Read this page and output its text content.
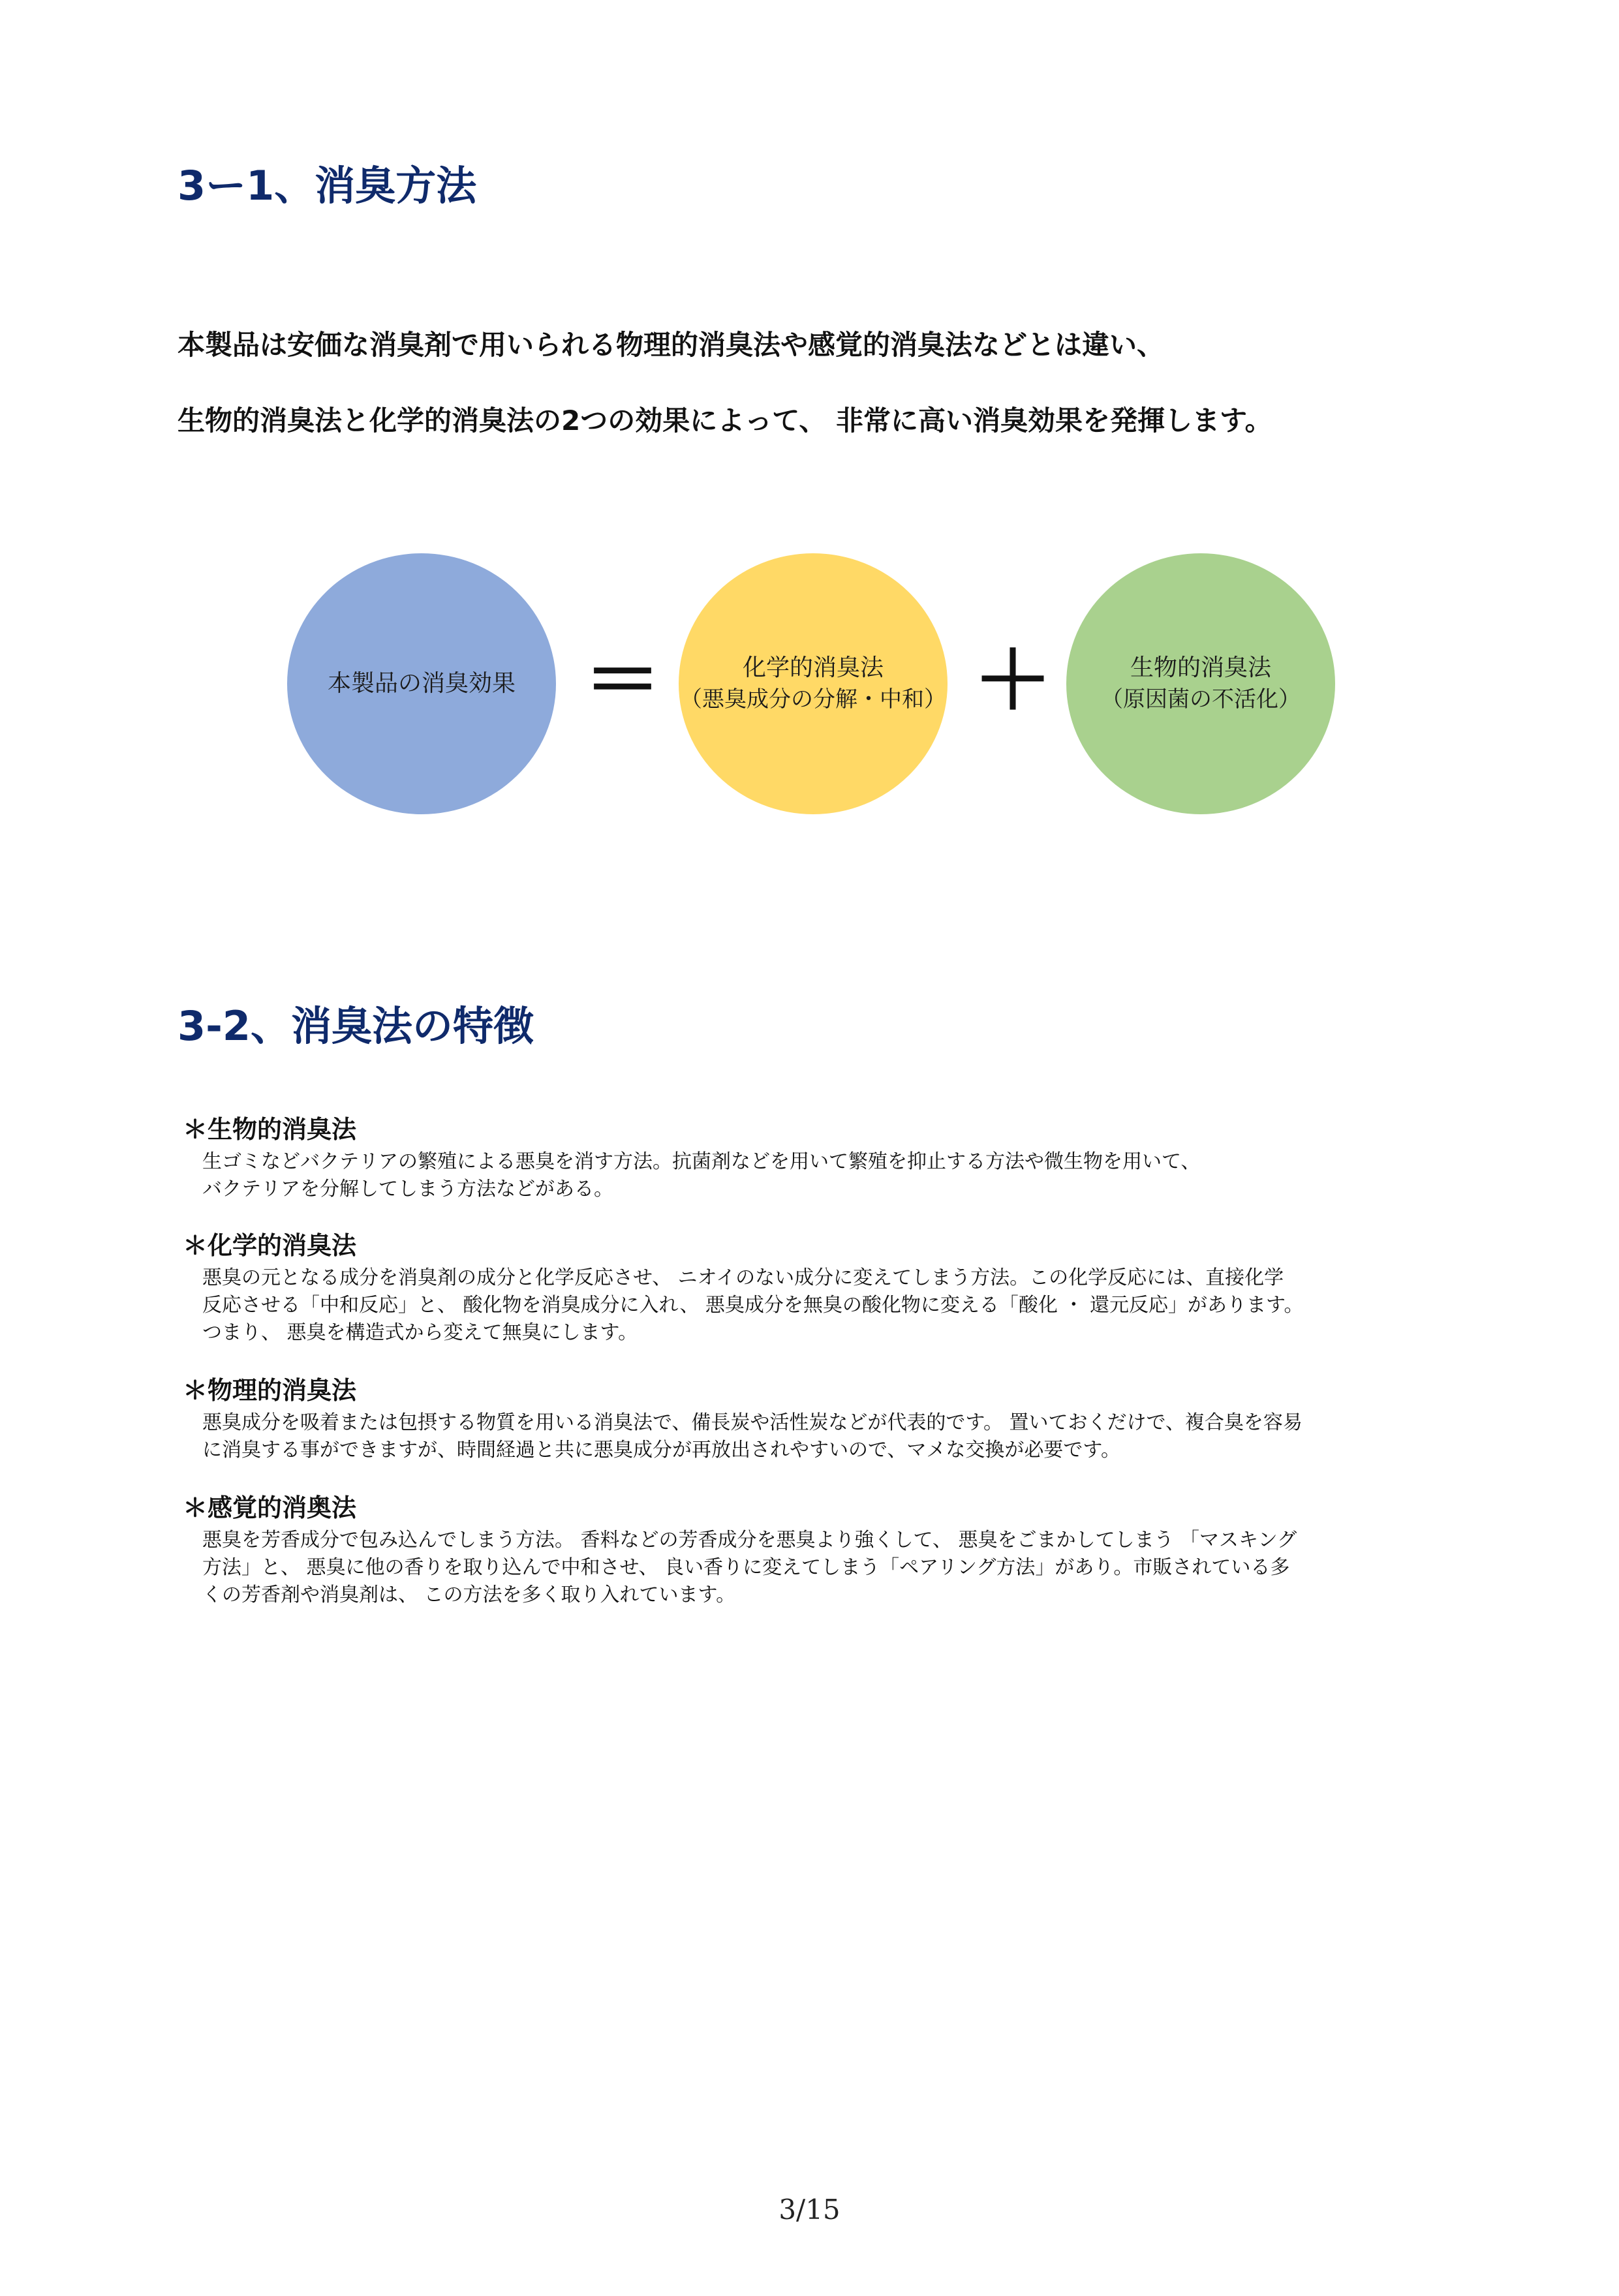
3ー1、消臭方法

本製品は安価な消臭剤で用いられる物理的消臭法や感覚的消臭法などとは違い、

生物的消臭法と化学的消臭法の2つの効果によって、 非常に高い消臭効果を発揮します。

本製品の消臭効果 ＝	化学的消臭法
（悪臭成分の分解・中和） ＋	生物的消臭法
（原因菌の不活化）
3-2、消臭法の特徴

＊生物的消臭法

生ゴミなどバクテリアの繁殖による悪臭を消す方法。抗菌剤などを用いて繁殖を抑止する方法や微生物を用いて、
バクテリアを分解してしまう方法などがある。

＊化学的消臭法

悪臭の元となる成分を消臭剤の成分と化学反応させ、 ニオイのない成分に変えてしまう方法。この化学反応には、直接化学
反応させる「中和反応」と、 酸化物を消臭成分に入れ、 悪臭成分を無臭の酸化物に変える「酸化 ・ 還元反応」があります。
つまり、 悪臭を構造式から変えて無臭にします。

＊物理的消臭法

悪臭成分を吸着または包摂する物質を用いる消臭法で、備長炭や活性炭などが代表的です。 置いておくだけで、複合臭を容易
に消臭する事ができますが、時間経過と共に悪臭成分が再放出されやすいので、マメな交換が必要です。

＊感覚的消奥法

悪臭を芳香成分で包み込んでしまう方法。 香料などの芳香成分を悪臭より強くして、 悪臭をごまかしてしまう 「マスキング
方法」と、 悪臭に他の香りを取り込んで中和させ、 良い香りに変えてしまう「ペアリング方法」があり。市販されている多
くの芳香剤や消臭剤は、 この方法を多く取り入れています。
3/15
